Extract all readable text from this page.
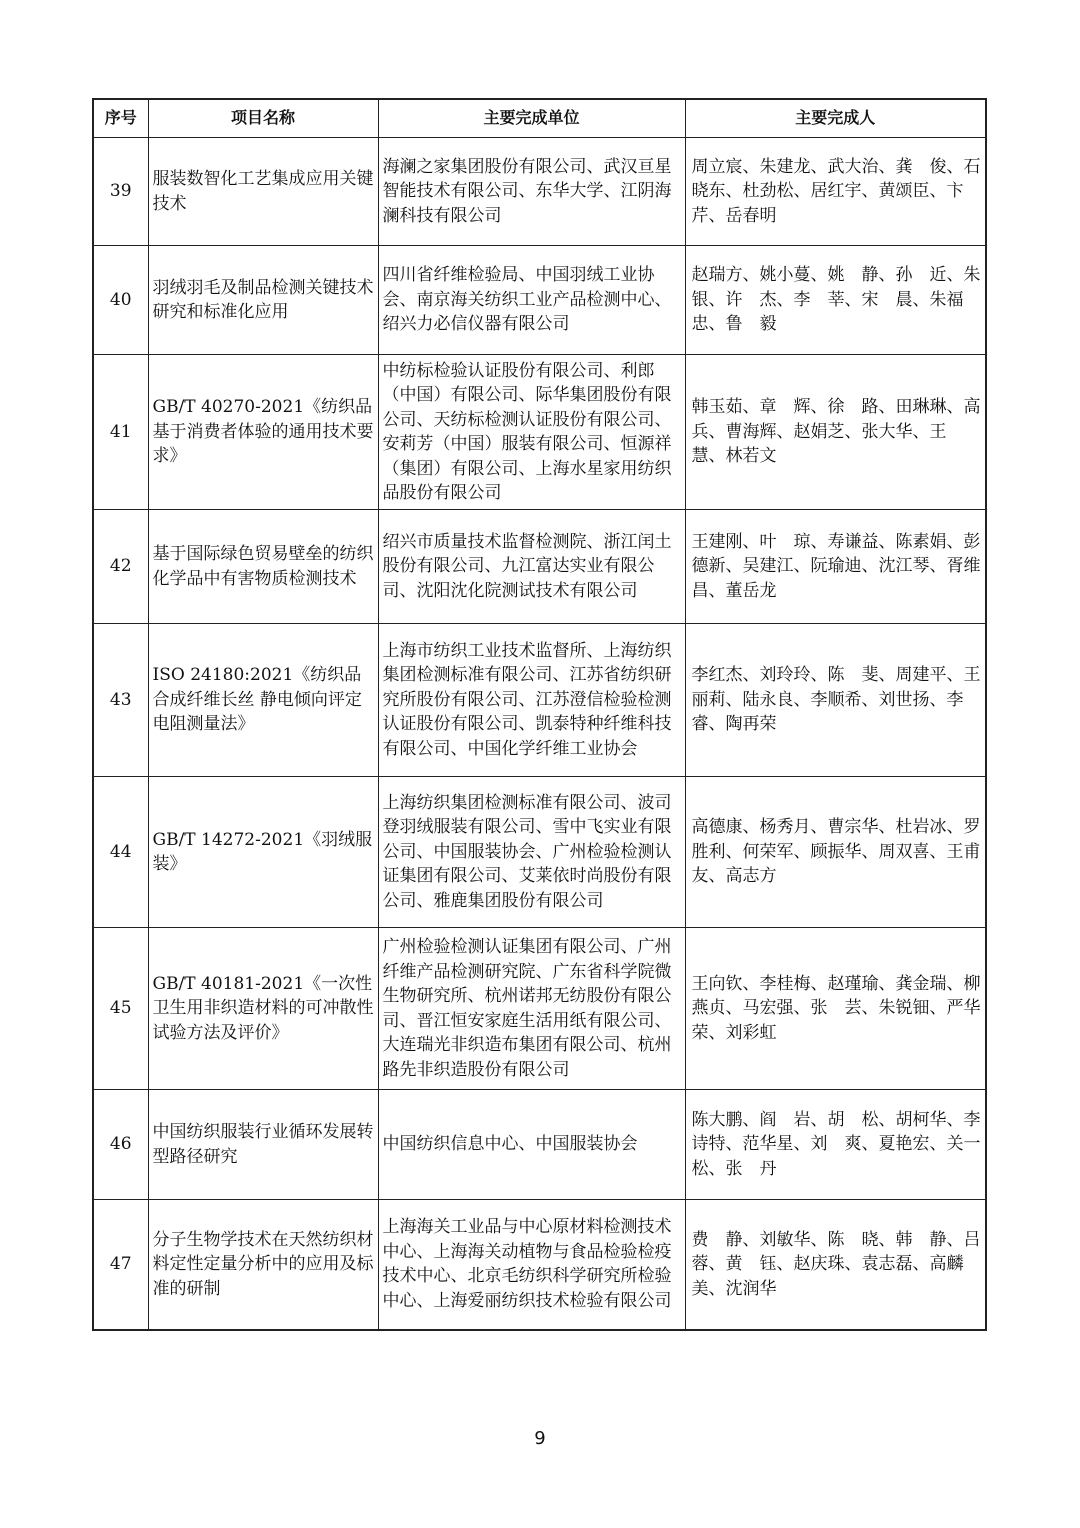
序号	项目名称	主要完成单位	主要完成人
39	服装数智化工艺集成应用关键技术	海澜之家集团股份有限公司、武汉亘星智能技术有限公司、东华大学、江阴海澜科技有限公司	周立宸、朱建龙、武大治、龚　俊、石晓东、杜劲松、居红宇、黄颂臣、卞　芹、岳春明

40	羽绒羽毛及制品检测关键技术研究和标准化应用	四川省纤维检验局、中国羽绒工业协会、南京海关纺织工业产品检测中心、绍兴力必信仪器有限公司	赵瑞方、姚小蔓、姚　静、孙　近、朱　银、许　杰、李　莘、宋　晨、朱福忠、鲁　毅

41	GB/T 40270-2021《纺织品 基于消费者体验的通用技术要求》	中纺标检验认证股份有限公司、利郎（中国）有限公司、际华集团股份有限公司、天纺标检测认证股份有限公司、安莉芳（中国）服装有限公司、恒源祥（集团）有限公司、上海水星家用纺织品股份有限公司	韩玉茹、章　辉、徐　路、田琳琳、高　兵、曹海辉、赵娟芝、张大华、王　慧、林若文

42	基于国际绿色贸易壁垒的纺织化学品中有害物质检测技术	绍兴市质量技术监督检测院、浙江闰土股份有限公司、九江富达实业有限公司、沈阳沈化院测试技术有限公司	王建刚、叶　琼、寿谦益、陈素娟、彭德新、吴建江、阮瑜迪、沈江琴、胥维昌、董岳龙

43	ISO 24180:2021《纺织品 合成纤维长丝 静电倾向评定 电阻测量法》	上海市纺织工业技术监督所、上海纺织集团检测标准有限公司、江苏省纺织研究所股份有限公司、江苏澄信检验检测认证股份有限公司、凯泰特种纤维科技有限公司、中国化学纤维工业协会	李红杰、刘玲玲、陈　斐、周建平、王丽莉、陆永良、李顺希、刘世扬、李　睿、陶再荣

44	GB/T 14272-2021《羽绒服装》	上海纺织集团检测标准有限公司、波司登羽绒服装有限公司、雪中飞实业有限公司、中国服装协会、广州检验检测认证集团有限公司、艾莱依时尚股份有限公司、雅鹿集团股份有限公司	高德康、杨秀月、曹宗华、杜岩冰、罗胜利、何荣军、顾振华、周双喜、王甫友、高志方

45	GB/T 40181-2021《一次性卫生用非织造材料的可冲散性试验方法及评价》	广州检验检测认证集团有限公司、广州纤维产品检测研究院、广东省科学院微生物研究所、杭州诺邦无纺股份有限公司、晋江恒安家庭生活用纸有限公司、大连瑞光非织造布集团有限公司、杭州路先非织造股份有限公司	王向钦、李桂梅、赵瑾瑜、龚金瑞、柳燕贞、马宏强、张　芸、朱锐钿、严华荣、刘彩虹

46	中国纺织服装行业循环发展转型路径研究	中国纺织信息中心、中国服装协会	陈大鹏、阎　岩、胡　松、胡柯华、李诗特、范华星、刘　爽、夏艳宏、关一松、张　丹

47	分子生物学技术在天然纺织材料定性定量分析中的应用及标准的研制	上海海关工业品与中心原材料检测技术中心、上海海关动植物与食品检验检疫技术中心、北京毛纺织科学研究所检验中心、上海爱丽纺织技术检验有限公司	费　静、刘敏华、陈　晓、韩　静、吕　蓉、黄　钰、赵庆珠、袁志磊、高麟美、沈润华
9
